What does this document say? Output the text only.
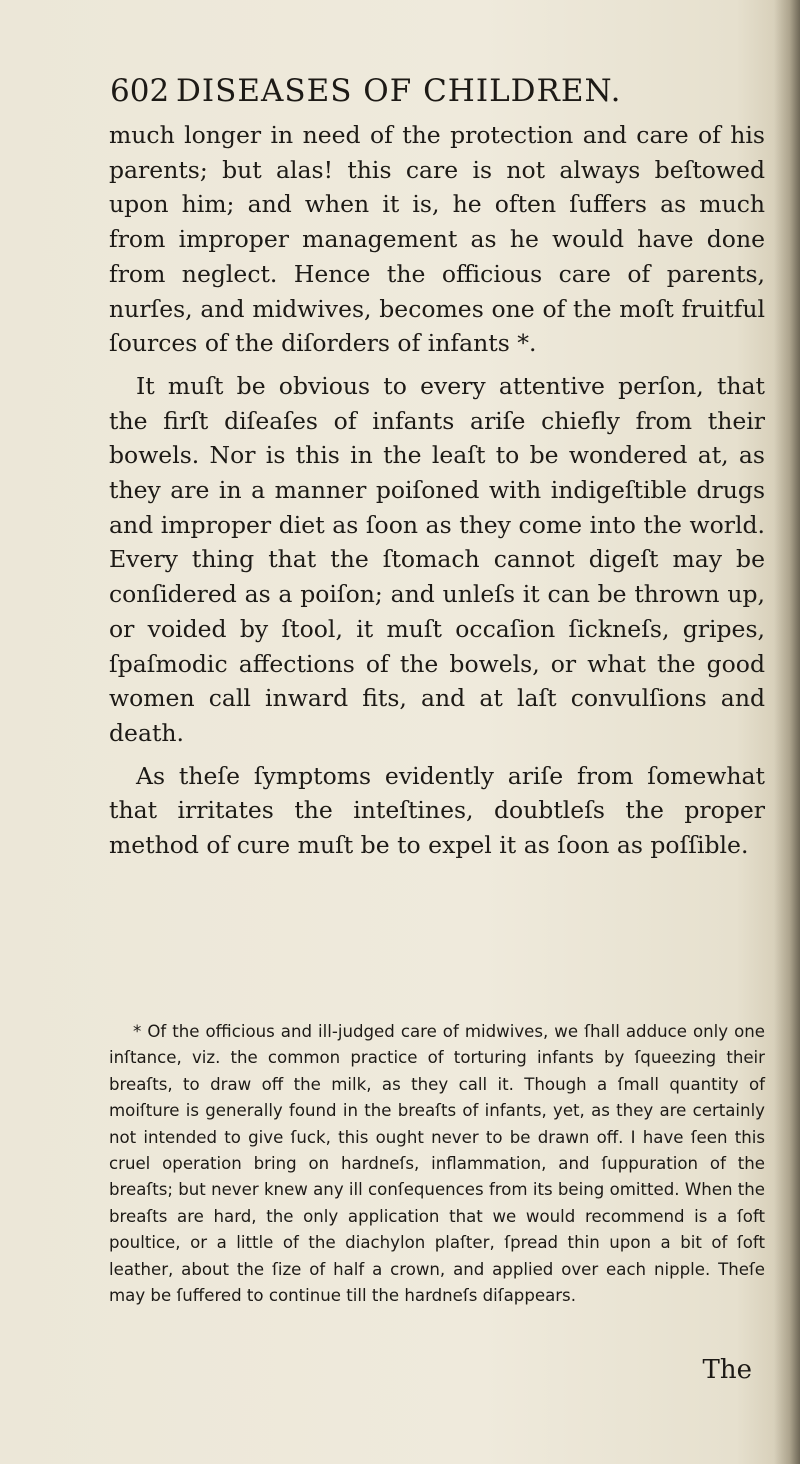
602 DISEASES OF CHILDREN.

much longer in need of the protection and care of his parents; but alas! this care is not always beſtowed upon him; and when it is, he often ſuffers as much from improper management as he would have done from neglect. Hence the officious care of parents, nurſes, and midwives, becomes one of the moſt fruitful ſources of the diſorders of infants *.

It muſt be obvious to every attentive perſon, that the firſt diſeaſes of infants ariſe chiefly from their bowels. Nor is this in the leaſt to be wondered at, as they are in a manner poiſoned with indigeſtible drugs and improper diet as ſoon as they come into the world. Every thing that the ſtomach cannot digeſt may be conſidered as a poiſon; and unleſs it can be thrown up, or voided by ſtool, it muſt occaſion ſickneſs, gripes, ſpaſmodic affections of the bowels, or what the good women call inward fits, and at laſt convulſions and death.

As theſe ſymptoms evidently ariſe from ſomewhat that irritates the inteſtines, doubtleſs the proper method of cure muſt be to expel it as ſoon as poſſible.

* Of the officious and ill-judged care of midwives, we ſhall adduce only one inſtance, viz. the common practice of torturing infants by ſqueezing their breaſts, to draw off the milk, as they call it. Though a ſmall quantity of moiſture is generally found in the breaſts of infants, yet, as they are certainly not intended to give ſuck, this ought never to be drawn off. I have ſeen this cruel operation bring on hardneſs, inflammation, and ſuppuration of the breaſts; but never knew any ill conſequences from its being omitted. When the breaſts are hard, the only application that we would recommend is a ſoft poultice, or a little of the diachylon plaſter, ſpread thin upon a bit of ſoft leather, about the ſize of half a crown, and applied over each nipple. Theſe may be ſuffered to continue till the hardneſs diſappears.

The
